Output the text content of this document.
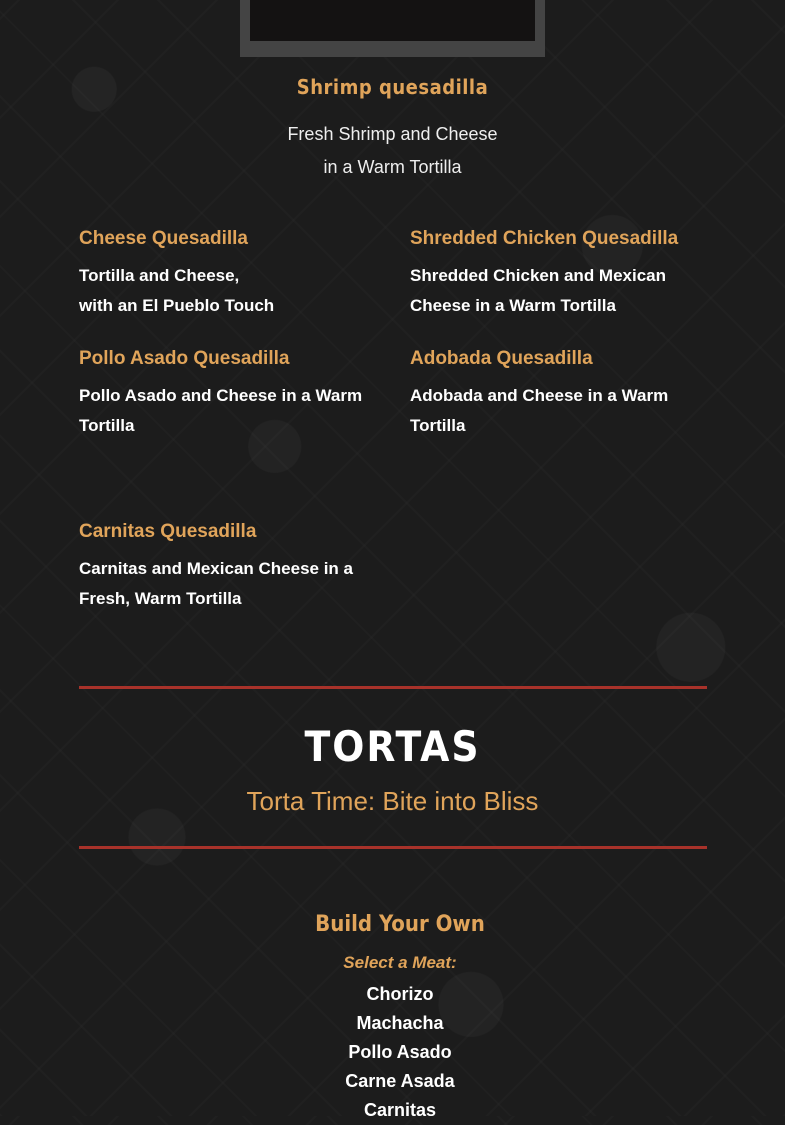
Shrimp quesadilla
Fresh Shrimp and Cheese
in a Warm Tortilla
Cheese Quesadilla
Tortilla and Cheese,
with an El Pueblo Touch
Shredded Chicken Quesadilla
Shredded Chicken and Mexican
Cheese in a Warm Tortilla
Pollo Asado Quesadilla
Pollo Asado and Cheese in a Warm
Tortilla
Adobada Quesadilla
Adobada and Cheese in a Warm
Tortilla
Carnitas Quesadilla
Carnitas and Mexican Cheese in a
Fresh, Warm Tortilla
TORTAS
Torta Time: Bite into Bliss
Build Your Own
Select a Meat:
Chorizo
Machacha
Pollo Asado
Carne Asada
Carnitas
